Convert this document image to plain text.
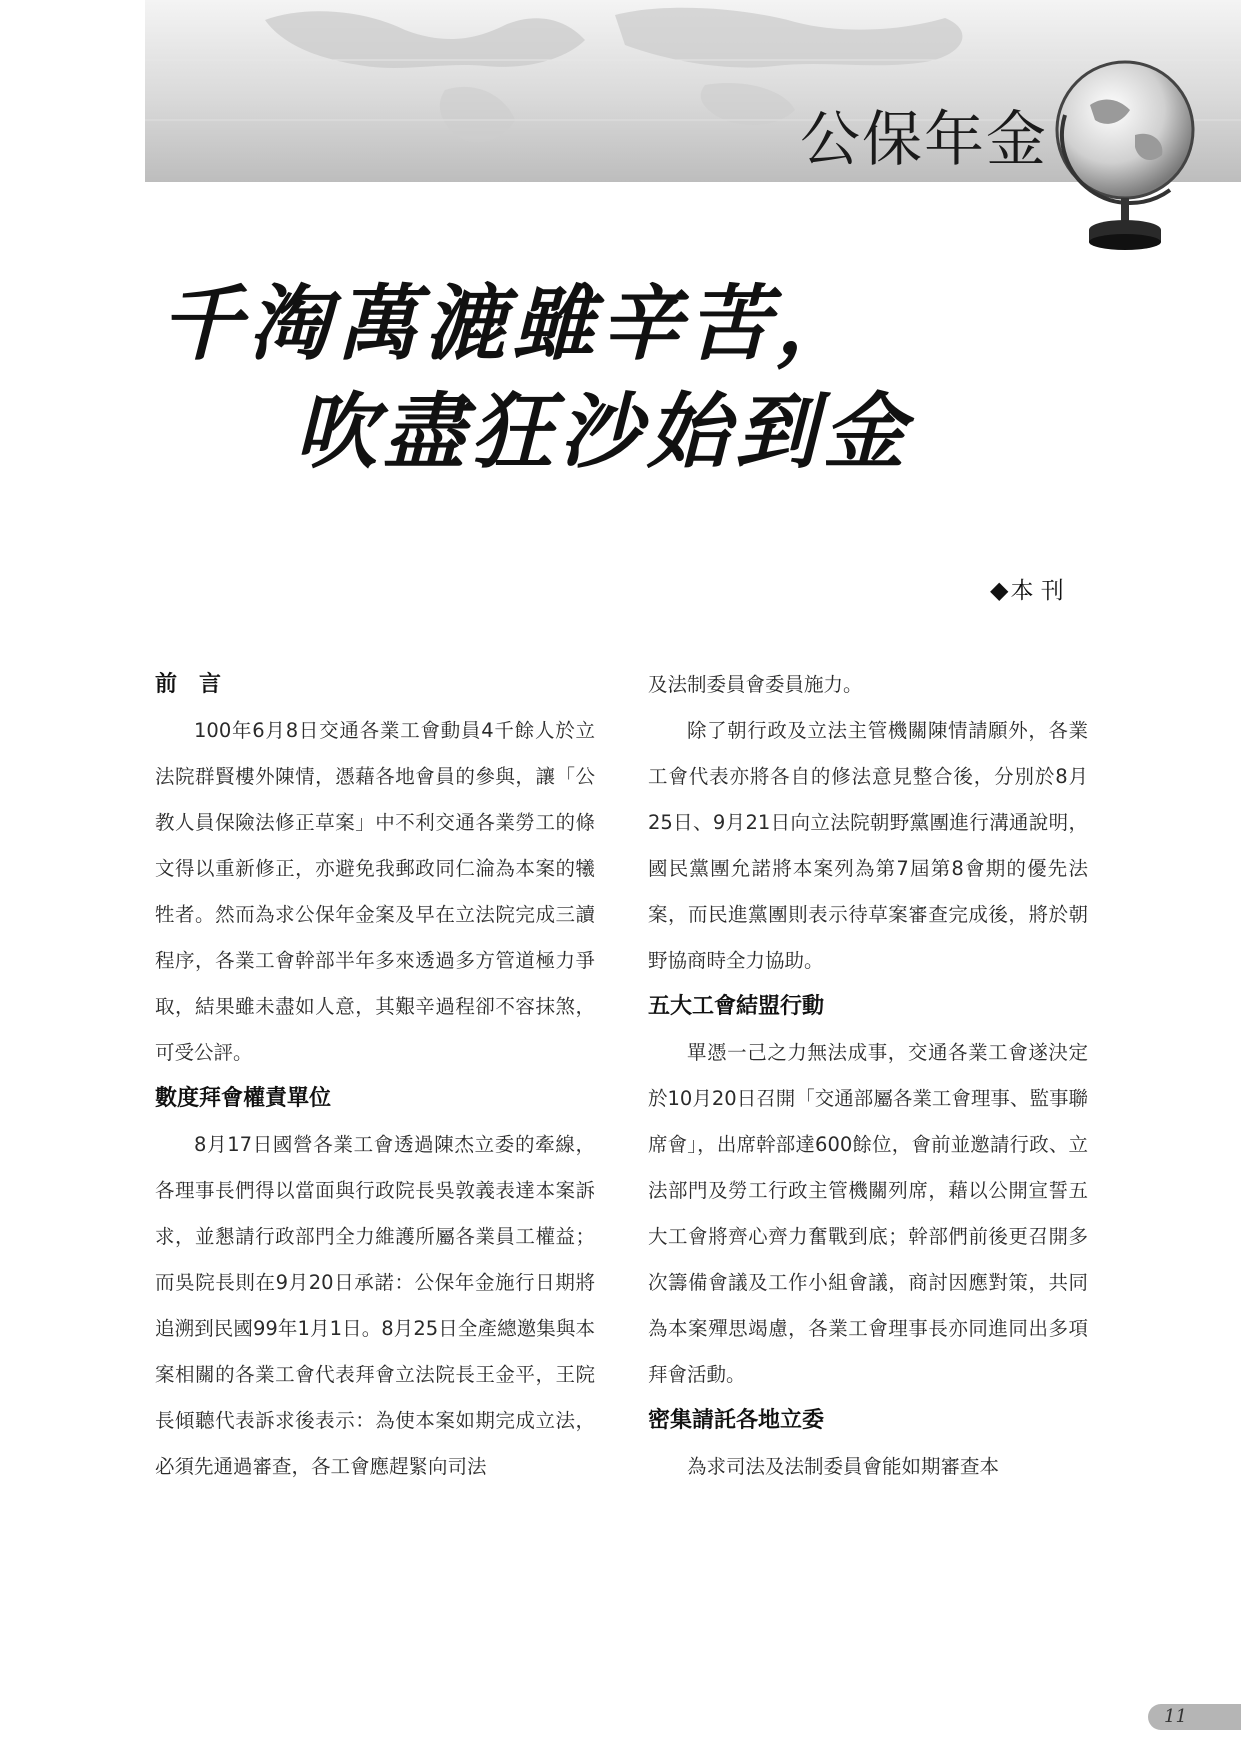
公保年金
千淘萬漉雖辛苦，
吹盡狂沙始到金
◆本 刊
前　言

100年6月8日交通各業工會動員4千餘人於立法院群賢樓外陳情，憑藉各地會員的參與，讓「公教人員保險法修正草案」中不利交通各業勞工的條文得以重新修正，亦避免我郵政同仁淪為本案的犧牲者。然而為求公保年金案及早在立法院完成三讀程序，各業工會幹部半年多來透過多方管道極力爭取，結果雖未盡如人意，其艱辛過程卻不容抹煞，可受公評。

數度拜會權責單位

8月17日國營各業工會透過陳杰立委的牽線，各理事長們得以當面與行政院長吳敦義表達本案訴求，並懇請行政部門全力維護所屬各業員工權益；而吳院長則在9月20日承諾：公保年金施行日期將追溯到民國99年1月1日。8月25日全產總邀集與本案相關的各業工會代表拜會立法院長王金平，王院長傾聽代表訴求後表示：為使本案如期完成立法，必須先通過審查，各工會應趕緊向司法

及法制委員會委員施力。

除了朝行政及立法主管機關陳情請願外，各業工會代表亦將各自的修法意見整合後，分別於8月25日、9月21日向立法院朝野黨團進行溝通說明，國民黨團允諾將本案列為第7屆第8會期的優先法案，而民進黨團則表示待草案審查完成後，將於朝野協商時全力協助。

五大工會結盟行動

單憑一己之力無法成事，交通各業工會遂決定於10月20日召開「交通部屬各業工會理事、監事聯席會」，出席幹部達600餘位，會前並邀請行政、立法部門及勞工行政主管機關列席，藉以公開宣誓五大工會將齊心齊力奮戰到底；幹部們前後更召開多次籌備會議及工作小組會議，商討因應對策，共同為本案殫思竭慮，各業工會理事長亦同進同出多項拜會活動。

密集請託各地立委

為求司法及法制委員會能如期審查本

11
